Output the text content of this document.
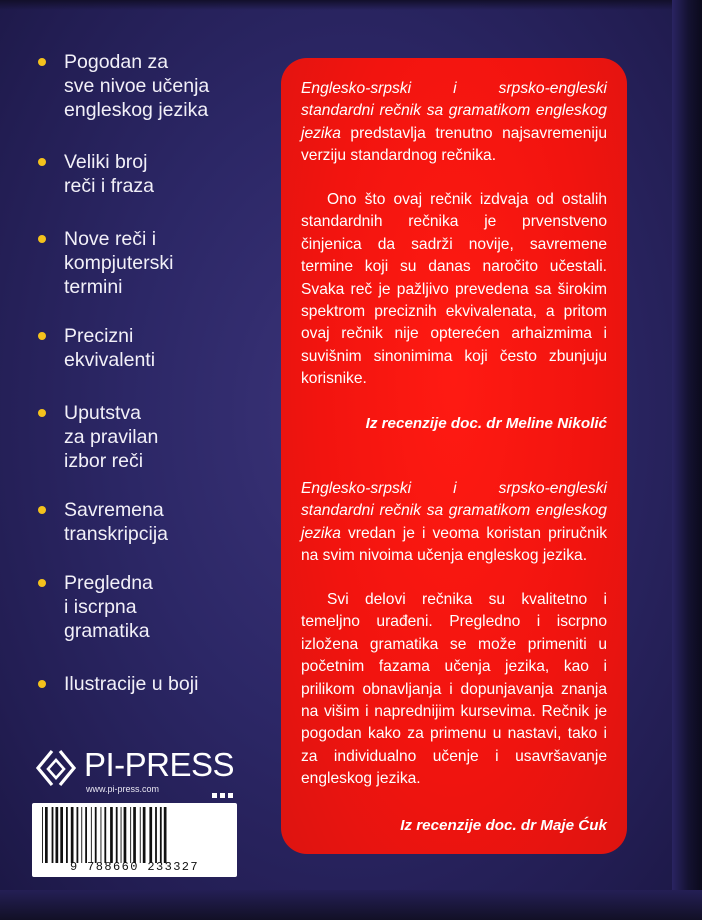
Pogodan za
sve nivoe učenja
engleskog jezika
Veliki broj
reči i fraza
Nove reči i
kompjuterski
termini
Precizni
ekvivalenti
Uputstva
za pravilan
izbor reči
Savremena
transkripcija
Pregledna
i iscrpna
gramatika
Ilustracije u boji
PI-PRESS
www.pi-press.com
9 788660 233327
Englesko-srpski i srpsko-engleski standardni rečnik sa gramatikom engleskog jezika predstavlja trenutno najsavremeniju verziju standardnog rečnika.
Ono što ovaj rečnik izdvaja od ostalih standardnih rečnika je prvenstveno činjenica da sadrži novije, savremene termine koji su danas naročito učestali. Svaka reč je pažljivo prevedena sa širokim spektrom preciznih ekvivalenata, a pritom ovaj rečnik nije opterećen arhaizmima i suvišnim sinonimima koji često zbunjuju korisnike.
Iz recenzije doc. dr Meline Nikolić
Englesko-srpski i srpsko-engleski standardni rečnik sa gramatikom engleskog jezika vredan je i veoma koristan priručnik na svim nivoima učenja engleskog jezika.
Svi delovi rečnika su kvalitetno i temeljno urađeni. Pregledno i iscrpno izložena gramatika se može primeniti u početnim fazama učenja jezika, kao i prilikom obnavljanja i dopunjavanja znanja na višim i naprednijim kursevima. Rečnik je pogodan kako za primenu u nastavi, tako i za individualno učenje i usavršavanje engleskog jezika.
Iz recenzije doc. dr Maje Ćuk
